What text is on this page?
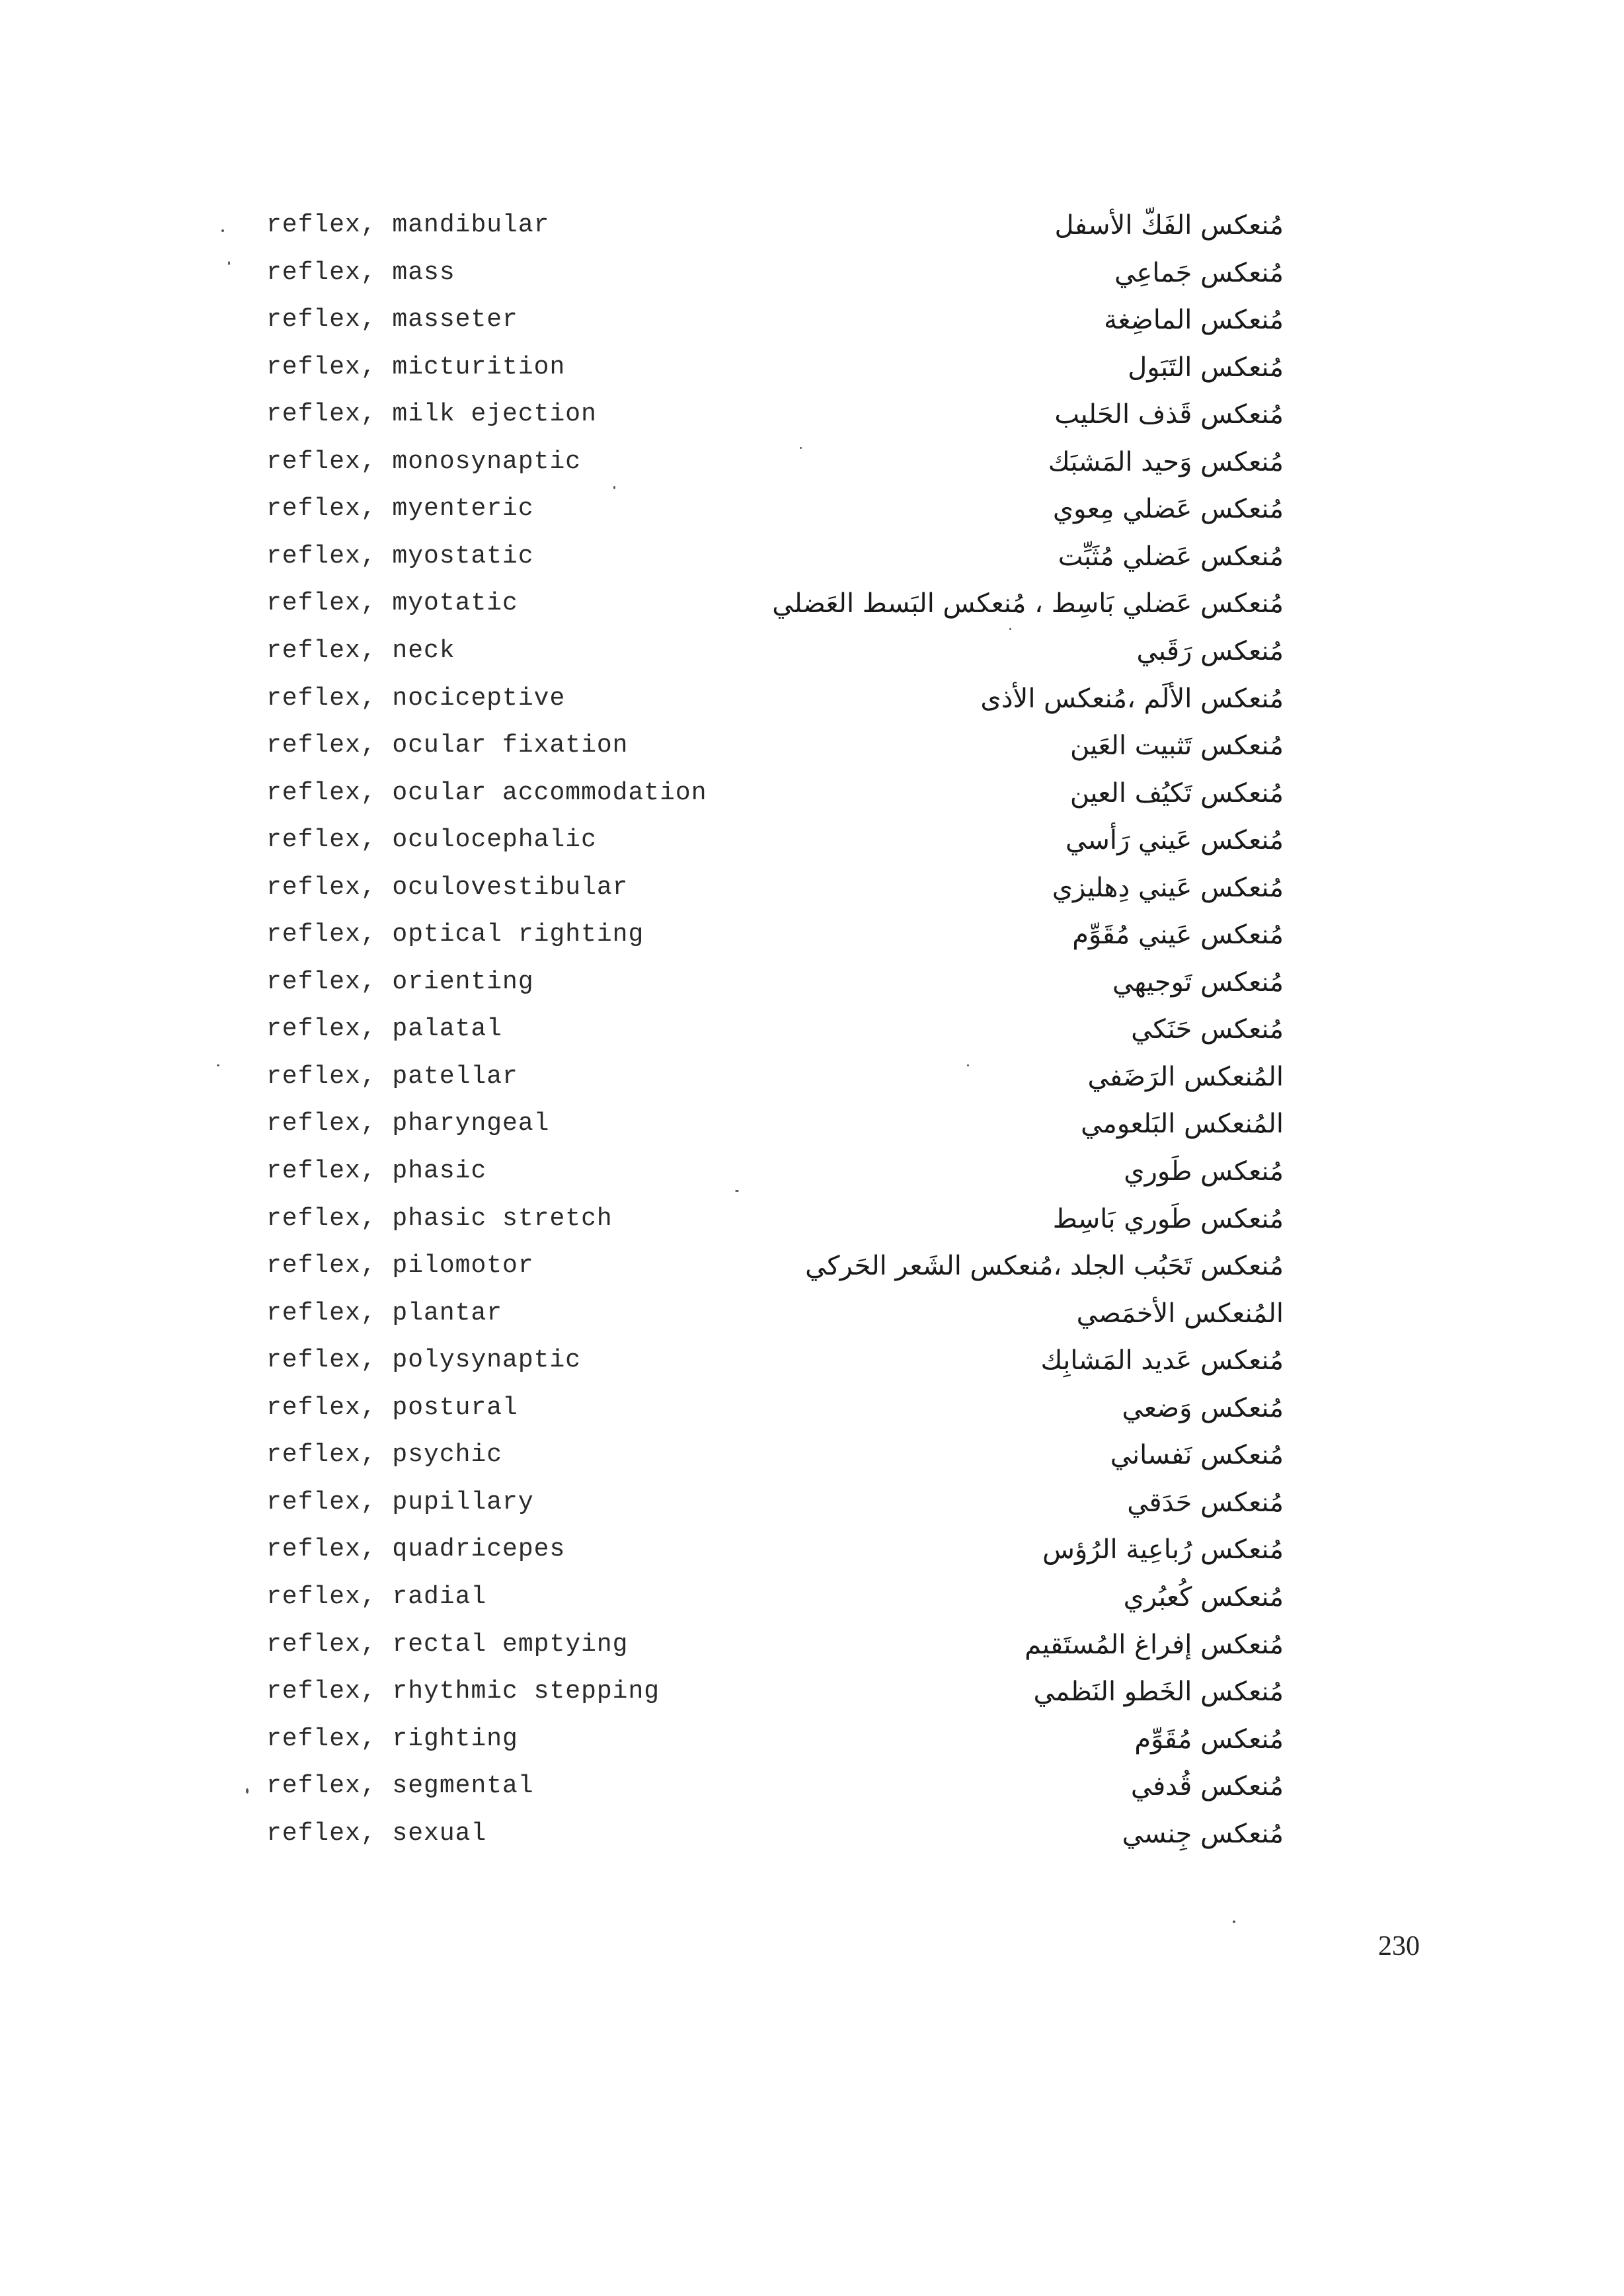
reflex, mandibular	مُنعكس الفَكّ الأسفل
reflex, mass	مُنعكس جَماعِي
reflex, masseter	مُنعكس الماضِغة
reflex, micturition	مُنعكس التَبَول
reflex, milk ejection	مُنعكس قَذف الحَليب
reflex, monosynaptic	مُنعكس وَحيد المَشبَك
reflex, myenteric	مُنعكس عَضلي مِعوي
reflex, myostatic	مُنعكس عَضلي مُثَبِّت
reflex, myotatic	مُنعكس عَضلي بَاسِط ، مُنعكس البَسط العَضلي
reflex, neck	مُنعكس رَقَبي
reflex, nociceptive	مُنعكس الألَم ،مُنعكس الأذى
reflex, ocular fixation	مُنعكس تَثبيت العَين
reflex, ocular accommodation	مُنعكس تَكيُف العين
reflex, oculocephalic	مُنعكس عَيني رَأسي
reflex, oculovestibular	مُنعكس عَيني دِهليزي
reflex, optical righting	مُنعكس عَيني مُقَوِّم
reflex, orienting	مُنعكس تَوجيهي
reflex, palatal	مُنعكس حَنَكي
reflex, patellar	المُنعكس الرَضَفي
reflex, pharyngeal	المُنعكس البَلعومي
reflex, phasic	مُنعكس طَوري
reflex, phasic stretch	مُنعكس طَوري بَاسِط
reflex, pilomotor	مُنعكس تَحَبُب الجلد ،مُنعكس الشَعر الحَركي
reflex, plantar	المُنعكس الأخمَصي
reflex, polysynaptic	مُنعكس عَديد المَشابِك
reflex, postural	مُنعكس وَضعي
reflex, psychic	مُنعكس نَفساني
reflex, pupillary	مُنعكس حَدَقي
reflex, quadricepes	مُنعكس رُباعِية الرُؤس
reflex, radial	مُنعكس كُعبُري
reflex, rectal emptying	مُنعكس إفراغ المُستَقيم
reflex, rhythmic stepping	مُنعكس الخَطو النَظمي
reflex, righting	مُنعكس مُقَوِّم
reflex, segmental	مُنعكس قُدفي
reflex, sexual	مُنعكس جِنسي
230
